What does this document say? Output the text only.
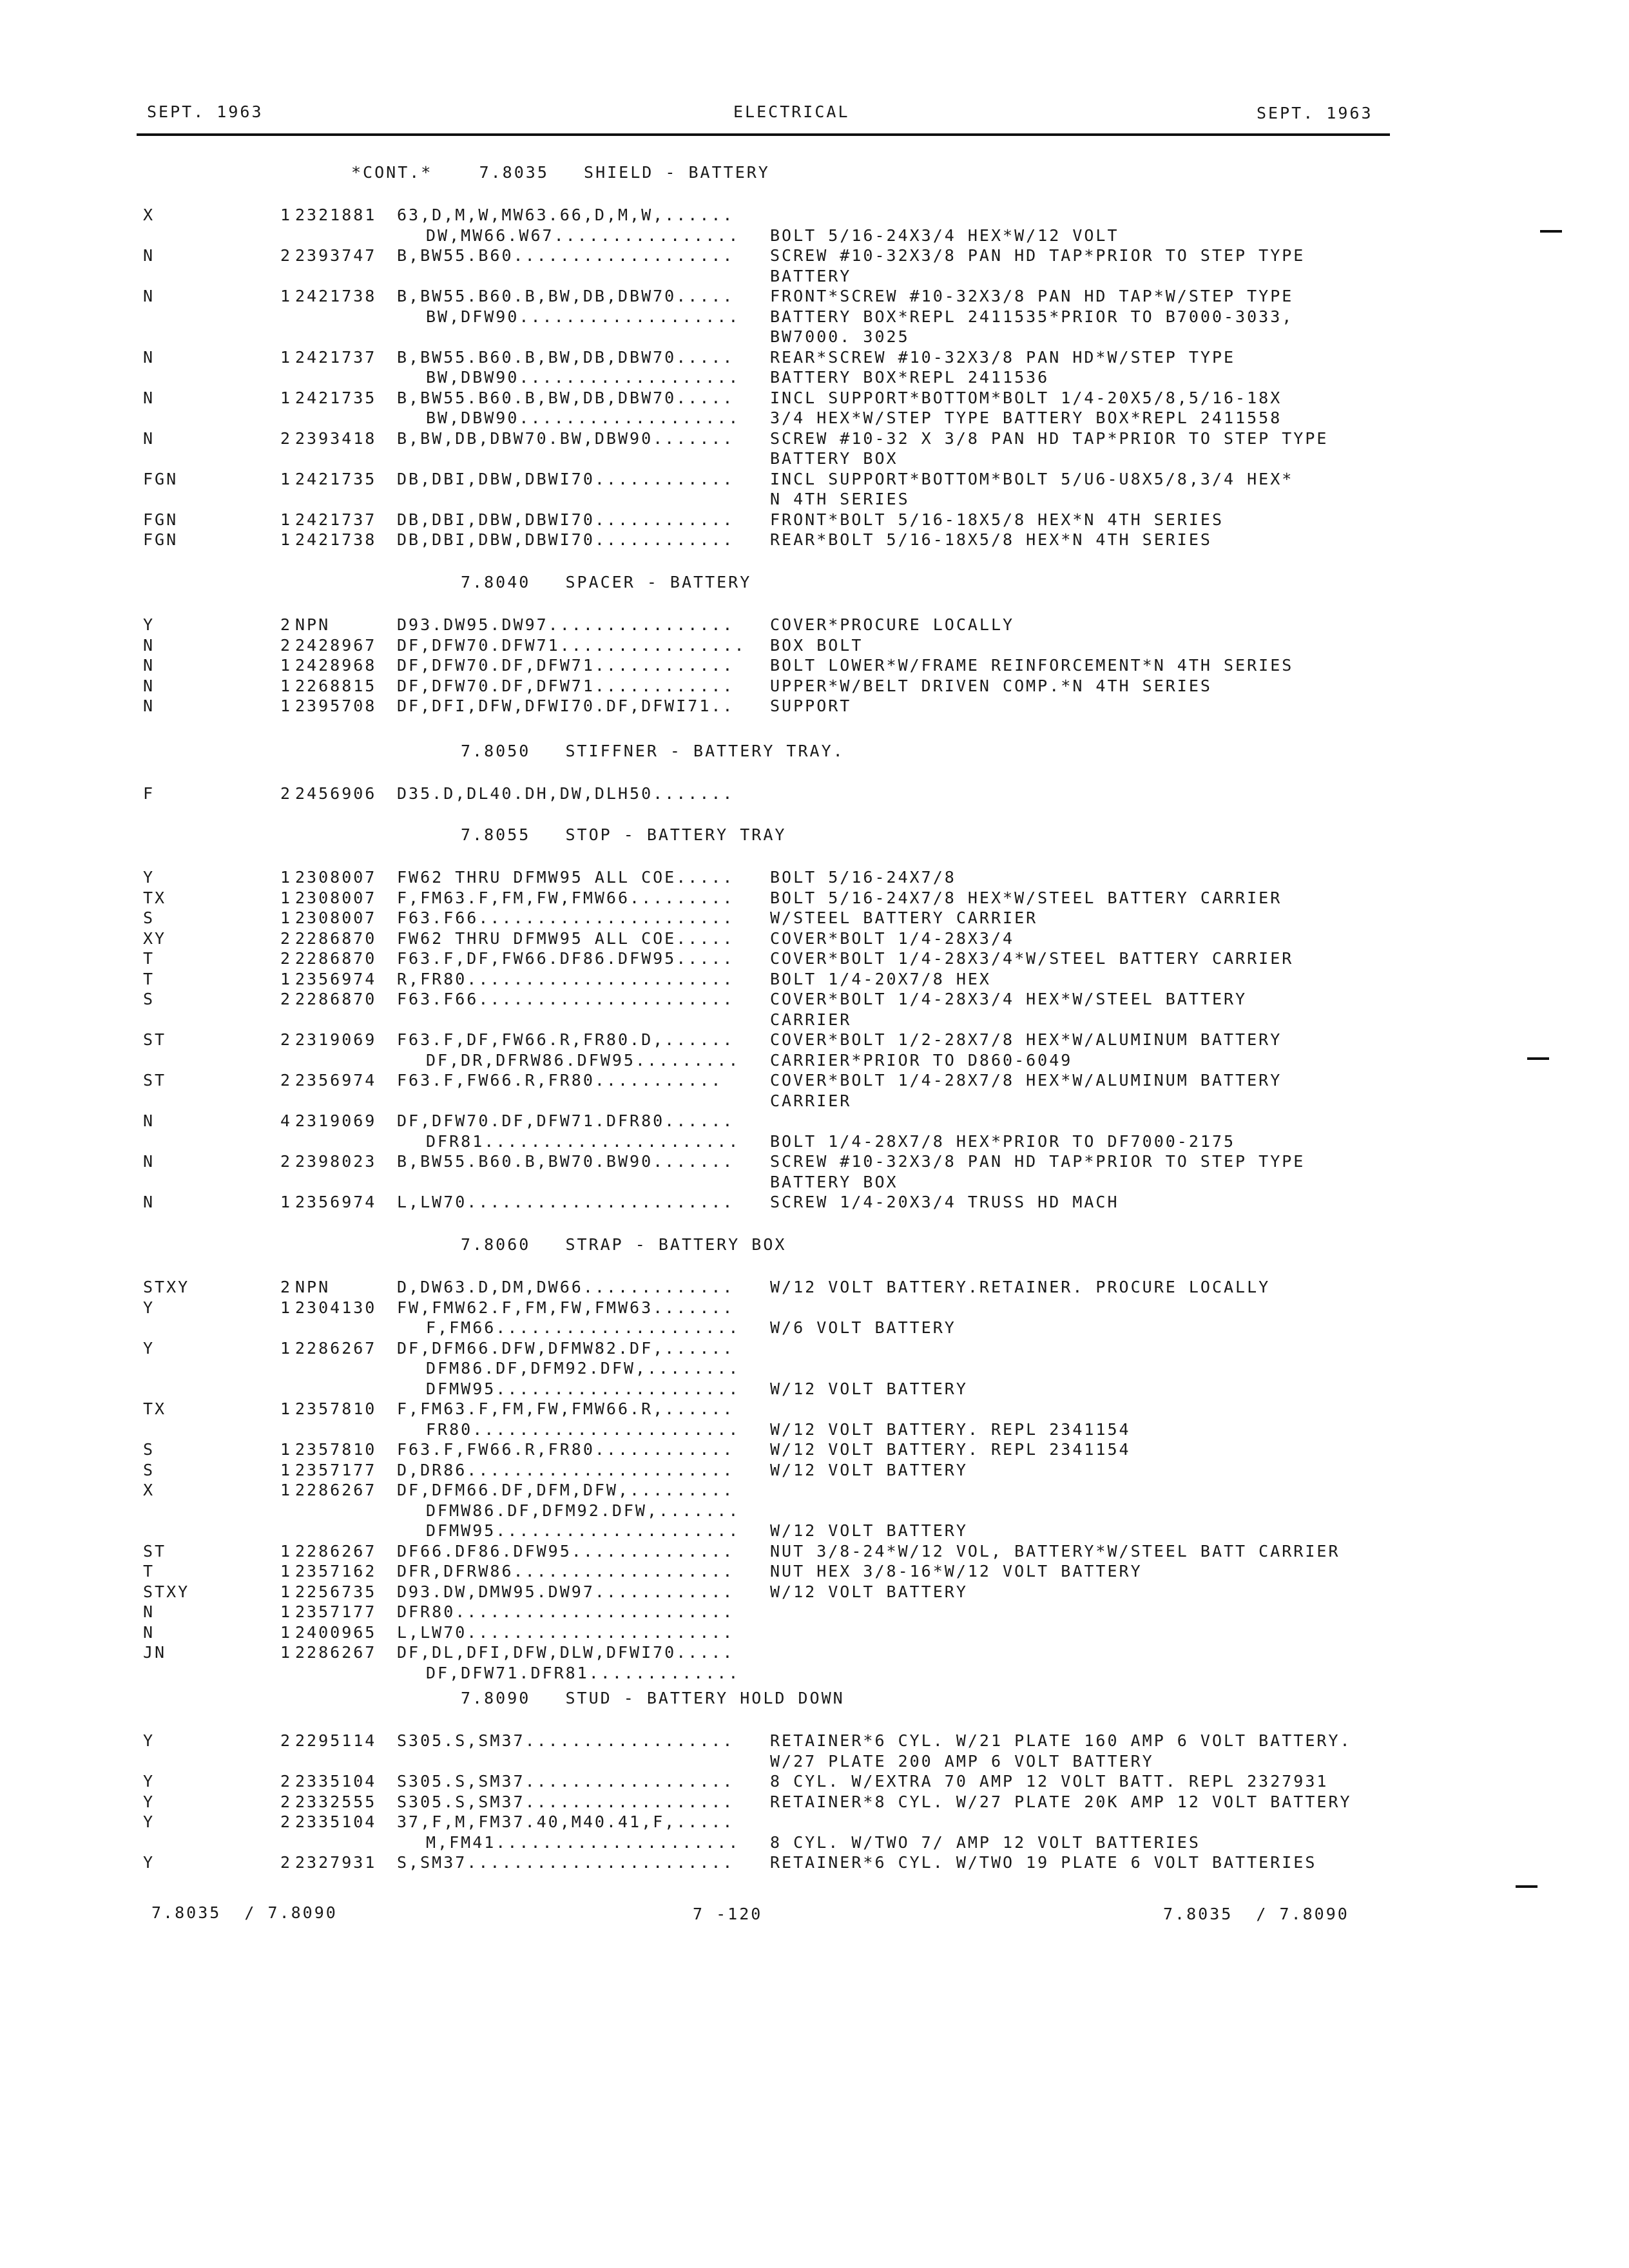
SEPT. 1963	ELECTRICAL	SEPT. 1963
*CONT.*    7.8035   SHIELD - BATTERY
X	1 2321881 63,D,M,W,MW63.66,D,M,W,......
DW,MW66.W67................ BOLT 5/16-24X3/4 HEX*W/12 VOLT
N	2 2393747 B,BW55.B60................... SCREW #10-32X3/8 PAN HD TAP*PRIOR TO STEP TYPE
BATTERY
N	1 2421738 B,BW55.B60.B,BW,DB,DBW70..... FRONT*SCREW #10-32X3/8 PAN HD TAP*W/STEP TYPE
BW,DFW90................... BATTERY BOX*REPL 2411535*PRIOR TO B7000-3033,
BW7000. 3025
N	1 2421737 B,BW55.B60.B,BW,DB,DBW70..... REAR*SCREW #10-32X3/8 PAN HD*W/STEP TYPE
BW,DBW90................... BATTERY BOX*REPL 2411536
N	1 2421735 B,BW55.B60.B,BW,DB,DBW70..... INCL SUPPORT*BOTTOM*BOLT 1/4-20X5/8,5/16-18X
BW,DBW90................... 3/4 HEX*W/STEP TYPE BATTERY BOX*REPL 2411558
N	2 2393418 B,BW,DB,DBW70.BW,DBW90....... SCREW #10-32 X 3/8 PAN HD TAP*PRIOR TO STEP TYPE
BATTERY BOX
FGN	1 2421735 DB,DBI,DBW,DBWI70............ INCL SUPPORT*BOTTOM*BOLT 5/U6-U8X5/8,3/4 HEX*
N 4TH SERIES
FGN	1 2421737 DB,DBI,DBW,DBWI70............ FRONT*BOLT 5/16-18X5/8 HEX*N 4TH SERIES
FGN	1 2421738 DB,DBI,DBW,DBWI70............ REAR*BOLT 5/16-18X5/8 HEX*N 4TH SERIES
7.8040   SPACER - BATTERY
Y	2 NPN	D93.DW95.DW97................ COVER*PROCURE LOCALLY
N	2 2428967 DF,DFW70.DFW71................ BOX BOLT
N	1 2428968 DF,DFW70.DF,DFW71............ BOLT LOWER*W/FRAME REINFORCEMENT*N 4TH SERIES
N	1 2268815 DF,DFW70.DF,DFW71............ UPPER*W/BELT DRIVEN COMP.*N 4TH SERIES
N	1 2395708 DF,DFI,DFW,DFWI70.DF,DFWI71.. SUPPORT
7.8050   STIFFNER - BATTERY TRAY.
F	2 2456906 D35.D,DL40.DH,DW,DLH50.......
7.8055   STOP - BATTERY TRAY
Y	1 2308007 FW62 THRU DFMW95 ALL COE..... BOLT 5/16-24X7/8
TX	1 2308007 F,FM63.F,FM,FW,FMW66......... BOLT 5/16-24X7/8 HEX*W/STEEL BATTERY CARRIER
S	1 2308007 F63.F66...................... W/STEEL BATTERY CARRIER
XY	2 2286870 FW62 THRU DFMW95 ALL COE..... COVER*BOLT 1/4-28X3/4
T	2 2286870 F63.F,DF,FW66.DF86.DFW95..... COVER*BOLT 1/4-28X3/4*W/STEEL BATTERY CARRIER
T	1 2356974 R,FR80....................... BOLT 1/4-20X7/8 HEX
S	2 2286870 F63.F66...................... COVER*BOLT 1/4-28X3/4 HEX*W/STEEL BATTERY
CARRIER
ST	2 2319069 F63.F,DF,FW66.R,FR80.D,...... COVER*BOLT 1/2-28X7/8 HEX*W/ALUMINUM BATTERY
DF,DR,DFRW86.DFW95......... CARRIER*PRIOR TO D860-6049
ST	2 2356974 F63.F,FW66.R,FR80...........	COVER*BOLT 1/4-28X7/8 HEX*W/ALUMINUM BATTERY
CARRIER
N	4 2319069 DF,DFW70.DF,DFW71.DFR80......
DFR81...................... BOLT 1/4-28X7/8 HEX*PRIOR TO DF7000-2175
N	2 2398023 B,BW55.B60.B,BW70.BW90....... SCREW #10-32X3/8 PAN HD TAP*PRIOR TO STEP TYPE
BATTERY BOX
N	1 2356974 L,LW70....................... SCREW 1/4-20X3/4 TRUSS HD MACH
7.8060   STRAP - BATTERY BOX
STXY	2 NPN	D,DW63.D,DM,DW66............. W/12 VOLT BATTERY.RETAINER. PROCURE LOCALLY
Y	1 2304130 FW,FMW62.F,FM,FW,FMW63.......
F,FM66..................... W/6 VOLT BATTERY
Y	1 2286267 DF,DFM66.DFW,DFMW82.DF,......
DFM86.DF,DFM92.DFW,........
DFMW95..................... W/12 VOLT BATTERY
TX	1 2357810 F,FM63.F,FM,FW,FMW66.R,......
FR80....................... W/12 VOLT BATTERY. REPL 2341154
S	1 2357810 F63.F,FW66.R,FR80............ W/12 VOLT BATTERY. REPL 2341154
S	1 2357177 D,DR86....................... W/12 VOLT BATTERY
X	1 2286267 DF,DFM66.DF,DFM,DFW,.........
DFMW86.DF,DFM92.DFW,.......
DFMW95..................... W/12 VOLT BATTERY
ST	1 2286267 DF66.DF86.DFW95.............. NUT 3/8-24*W/12 VOL, BATTERY*W/STEEL BATT CARRIER
T	1 2357162 DFR,DFRW86................... NUT HEX 3/8-16*W/12 VOLT BATTERY
STXY	1 2256735 D93.DW,DMW95.DW97............ W/12 VOLT BATTERY
N	1 2357177 DFR80........................
N	1 2400965 L,LW70.......................
JN	1 2286267 DF,DL,DFI,DFW,DLW,DFWI70.....
DF,DFW71.DFR81.............
7.8090   STUD - BATTERY HOLD DOWN
Y	2 2295114 S305.S,SM37.................. RETAINER*6 CYL. W/21 PLATE 160 AMP 6 VOLT BATTERY.
W/27 PLATE 200 AMP 6 VOLT BATTERY
Y	2 2335104 S305.S,SM37.................. 8 CYL. W/EXTRA 70 AMP 12 VOLT BATT. REPL 2327931
Y	2 2332555 S305.S,SM37.................. RETAINER*8 CYL. W/27 PLATE 20K AMP 12 VOLT BATTERY
Y	2 2335104 37,F,M,FM37.40,M40.41,F,.....
M,FM41..................... 8 CYL. W/TWO 7/ AMP 12 VOLT BATTERIES
Y	2 2327931 S,SM37....................... RETAINER*6 CYL. W/TWO 19 PLATE 6 VOLT BATTERIES
7.8035  / 7.8090	7 -120	7.8035  / 7.8090
